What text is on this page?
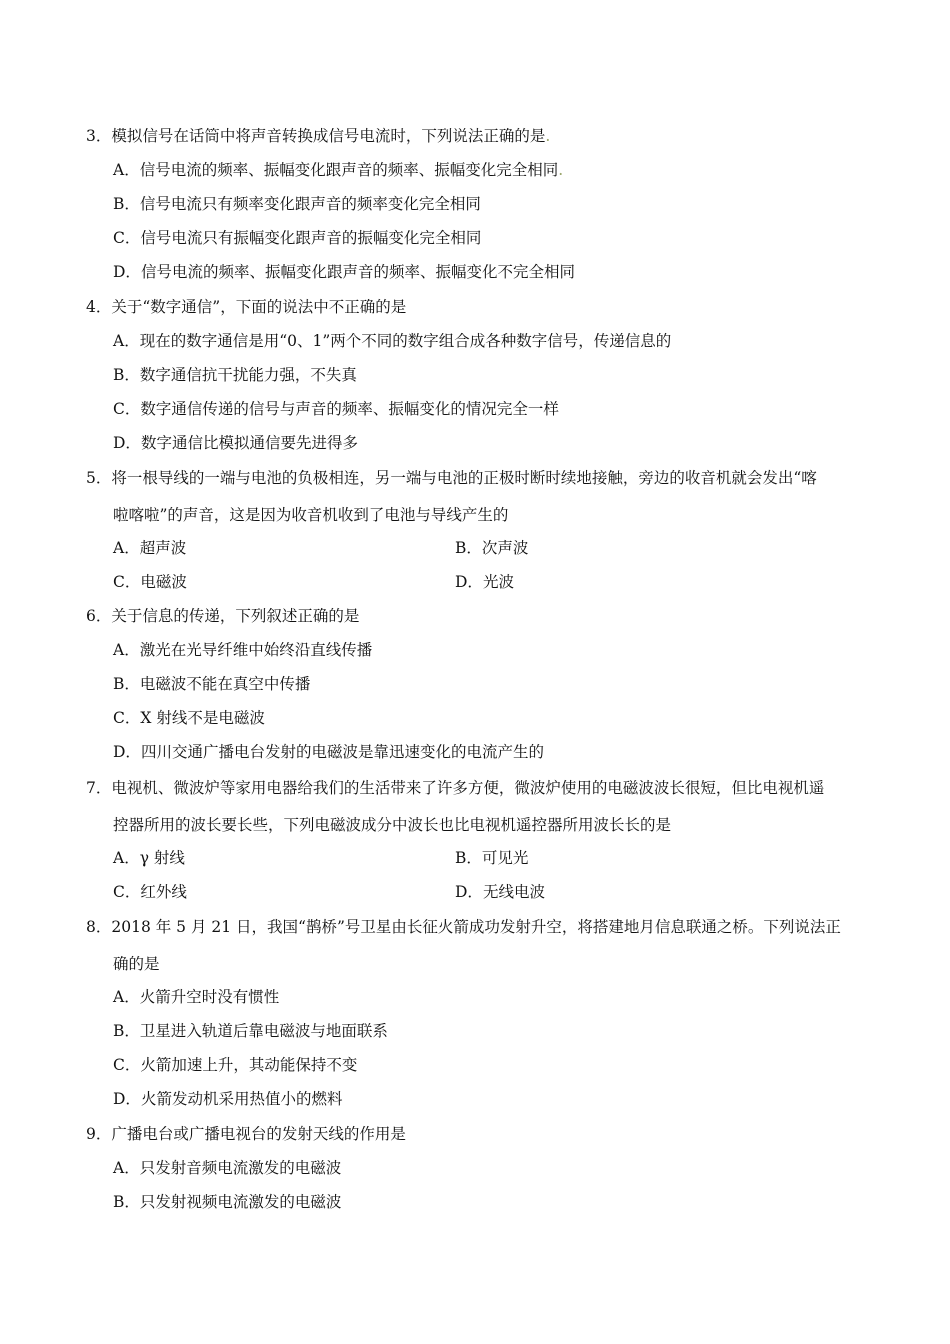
3．模拟信号在话筒中将声音转换成信号电流时，下列说法正确的是.
A．信号电流的频率、振幅变化跟声音的频率、振幅变化完全相同.
B．信号电流只有频率变化跟声音的频率变化完全相同
C．信号电流只有振幅变化跟声音的振幅变化完全相同
D．信号电流的频率、振幅变化跟声音的频率、振幅变化不完全相同
4．关于“数字通信”，下面的说法中不正确的是
A．现在的数字通信是用“0、1”两个不同的数字组合成各种数字信号，传递信息的
B．数字通信抗干扰能力强，不失真
C．数字通信传递的信号与声音的频率、振幅变化的情况完全一样
D．数字通信比模拟通信要先进得多
5．将一根导线的一端与电池的负极相连，另一端与电池的正极时断时续地接触，旁边的收音机就会发出“喀
啦喀啦”的声音，这是因为收音机收到了电池与导线产生的
A．超声波	B．次声波
C．电磁波	D．光波
6．关于信息的传递，下列叙述正确的是
A．激光在光导纤维中始终沿直线传播
B．电磁波不能在真空中传播
C．X 射线不是电磁波
D．四川交通广播电台发射的电磁波是靠迅速变化的电流产生的
7．电视机、微波炉等家用电器给我们的生活带来了许多方便，微波炉使用的电磁波波长很短，但比电视机遥
控器所用的波长要长些，下列电磁波成分中波长也比电视机遥控器所用波长长的是
A．γ 射线	B．可见光
C．红外线	D．无线电波
8．2018 年 5 月 21 日，我国“鹊桥”号卫星由长征火箭成功发射升空，将搭建地月信息联通之桥。下列说法正
确的是
A．火箭升空时没有惯性
B．卫星进入轨道后靠电磁波与地面联系
C．火箭加速上升，其动能保持不变
D．火箭发动机采用热值小的燃料
9．广播电台或广播电视台的发射天线的作用是
A．只发射音频电流激发的电磁波
B．只发射视频电流激发的电磁波
